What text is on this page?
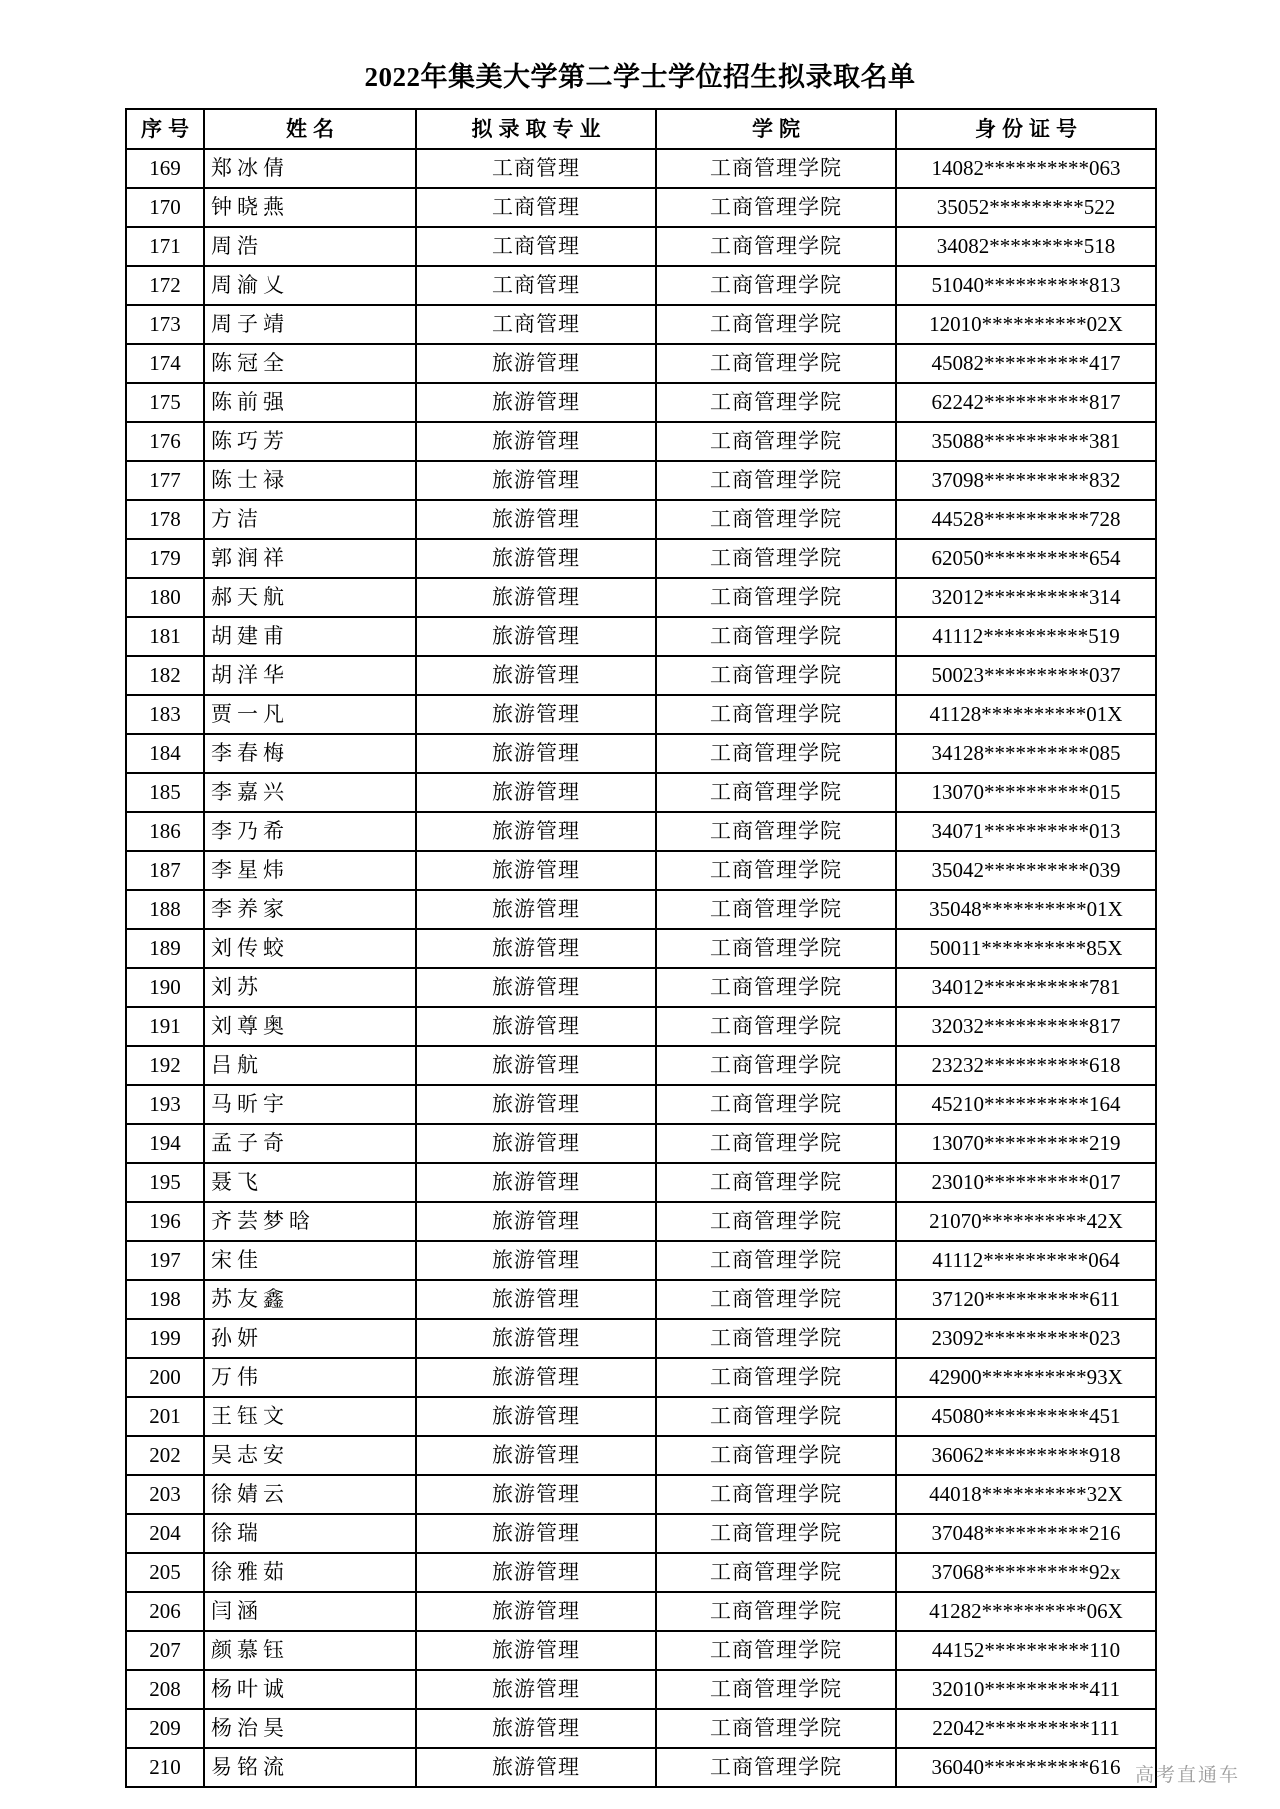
2022年集美大学第二学士学位招生拟录取名单
序号	姓名	拟录取专业	学院	身份证号
169	郑冰倩	工商管理	工商管理学院	14082**********063
170	钟晓燕	工商管理	工商管理学院	35052*********522
171	周浩	工商管理	工商管理学院	34082*********518
172	周渝乂	工商管理	工商管理学院	51040**********813
173	周子靖	工商管理	工商管理学院	12010**********02X
174	陈冠全	旅游管理	工商管理学院	45082**********417
175	陈前强	旅游管理	工商管理学院	62242**********817
176	陈巧芳	旅游管理	工商管理学院	35088**********381
177	陈士禄	旅游管理	工商管理学院	37098**********832
178	方洁	旅游管理	工商管理学院	44528**********728
179	郭润祥	旅游管理	工商管理学院	62050**********654
180	郝天航	旅游管理	工商管理学院	32012**********314
181	胡建甫	旅游管理	工商管理学院	41112**********519
182	胡洋华	旅游管理	工商管理学院	50023**********037
183	贾一凡	旅游管理	工商管理学院	41128**********01X
184	李春梅	旅游管理	工商管理学院	34128**********085
185	李嘉兴	旅游管理	工商管理学院	13070**********015
186	李乃希	旅游管理	工商管理学院	34071**********013
187	李星炜	旅游管理	工商管理学院	35042**********039
188	李养家	旅游管理	工商管理学院	35048**********01X
189	刘传蛟	旅游管理	工商管理学院	50011**********85X
190	刘苏	旅游管理	工商管理学院	34012**********781
191	刘尊奥	旅游管理	工商管理学院	32032**********817
192	吕航	旅游管理	工商管理学院	23232**********618
193	马昕宇	旅游管理	工商管理学院	45210**********164
194	孟子奇	旅游管理	工商管理学院	13070**********219
195	聂飞	旅游管理	工商管理学院	23010**********017
196	齐芸梦晗	旅游管理	工商管理学院	21070**********42X
197	宋佳	旅游管理	工商管理学院	41112**********064
198	苏友鑫	旅游管理	工商管理学院	37120**********611
199	孙妍	旅游管理	工商管理学院	23092**********023
200	万伟	旅游管理	工商管理学院	42900**********93X
201	王钰文	旅游管理	工商管理学院	45080**********451
202	吴志安	旅游管理	工商管理学院	36062**********918
203	徐婧云	旅游管理	工商管理学院	44018**********32X
204	徐瑞	旅游管理	工商管理学院	37048**********216
205	徐雅茹	旅游管理	工商管理学院	37068**********92x
206	闫涵	旅游管理	工商管理学院	41282**********06X
207	颜慕钰	旅游管理	工商管理学院	44152**********110
208	杨叶诚	旅游管理	工商管理学院	32010**********411
209	杨治昊	旅游管理	工商管理学院	22042**********111
210	易铭流	旅游管理	工商管理学院	36040**********616 高考直通车
